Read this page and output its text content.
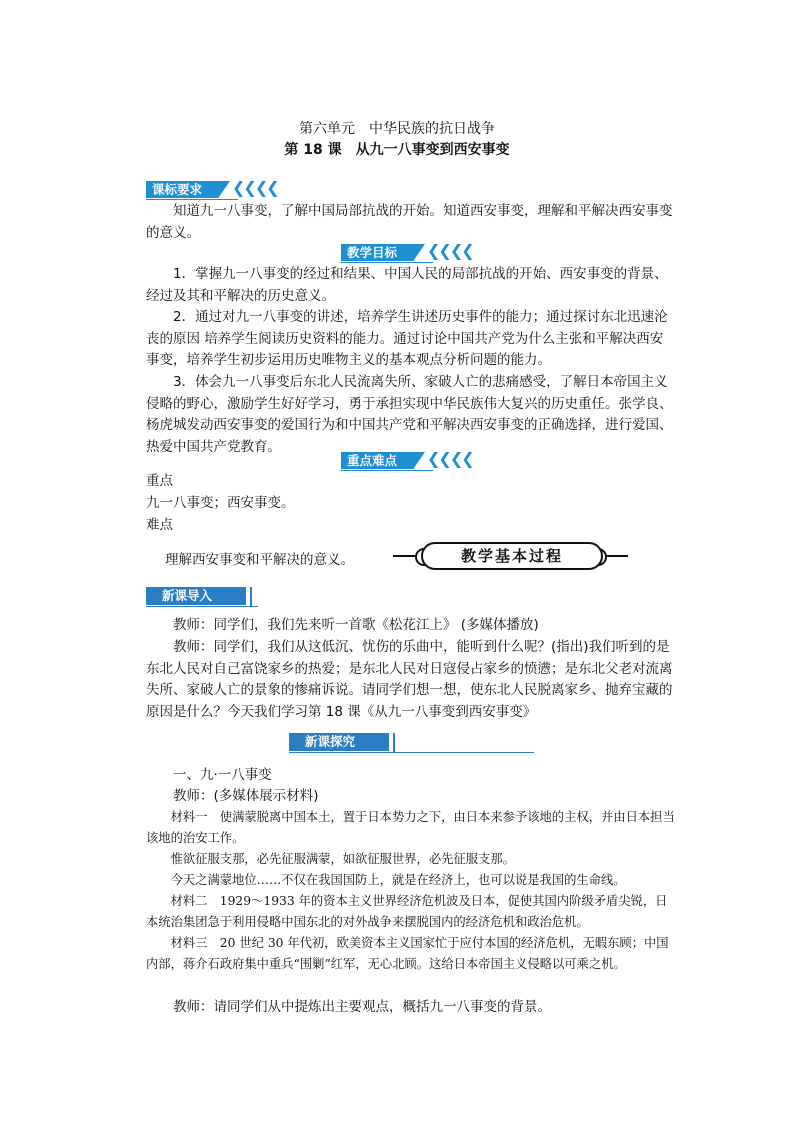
第六单元　中华民族的抗日战争
第 18 课　从九一八事变到西安事变
课标要求	❮❮❮❮

知道九一八事变，了解中国局部抗战的开始。知道西安事变，理解和平解决西安事变的意义。

教学目标	❮❮❮❮

1．掌握九一八事变的经过和结果、中国人民的局部抗战的开始、西安事变的背景、经过及其和平解决的历史意义。

2．通过对九一八事变的讲述，培养学生讲述历史事件的能力；通过探讨东北迅速沦丧的原因 培养学生阅读历史资料的能力。通过讨论中国共产党为什么主张和平解决西安事变，培养学生初步运用历史唯物主义的基本观点分析问题的能力。

3．体会九一八事变后东北人民流离失所、家破人亡的悲痛感受，了解日本帝国主义侵略的野心，激励学生好好学习，勇于承担实现中华民族伟大复兴的历史重任。张学良、杨虎城发动西安事变的爱国行为和中国共产党和平解决西安事变的正确选择，进行爱国、热爱中国共产党教育。

重点难点	❮❮❮❮

重点

九一八事变；西安事变。

难点

理解西安事变和平解决的意义。	教学基本过程
新课导入

教师：同学们，我们先来听一首歌《松花江上》 (多媒体播放)

教师：同学们，我们从这低沉、忧伤的乐曲中，能听到什么呢？(指出)我们听到的是东北人民对自己富饶家乡的热爱；是东北人民对日寇侵占家乡的愤懑；是东北父老对流离失所、家破人亡的景象的惨痛诉说。请同学们想一想，使东北人民脱离家乡、抛弃宝藏的原因是什么？今天我们学习第 18 课《从九一八事变到西安事变》

新课探究

一、九·一八事变

教师：(多媒体展示材料)

材料一　使满蒙脱离中国本土，置于日本势力之下，由日本来参予该地的主权，并由日本担当该地的治安工作。

惟欲征服支那，必先征服满蒙，如欲征服世界，必先征服支那。

今天之满蒙地位……不仅在我国国防上，就是在经济上，也可以说是我国的生命线。

材料二　1929～1933 年的资本主义世界经济危机波及日本，促使其国内阶级矛盾尖锐，日本统治集团急于利用侵略中国东北的对外战争来摆脱国内的经济危机和政治危机。

材料三　20 世纪 30 年代初，欧美资本主义国家忙于应付本国的经济危机，无暇东顾；中国内部，蒋介石政府集中重兵“围剿”红军，无心北顾。这给日本帝国主义侵略以可乘之机。

教师：请同学们从中提炼出主要观点，概括九一八事变的背景。
